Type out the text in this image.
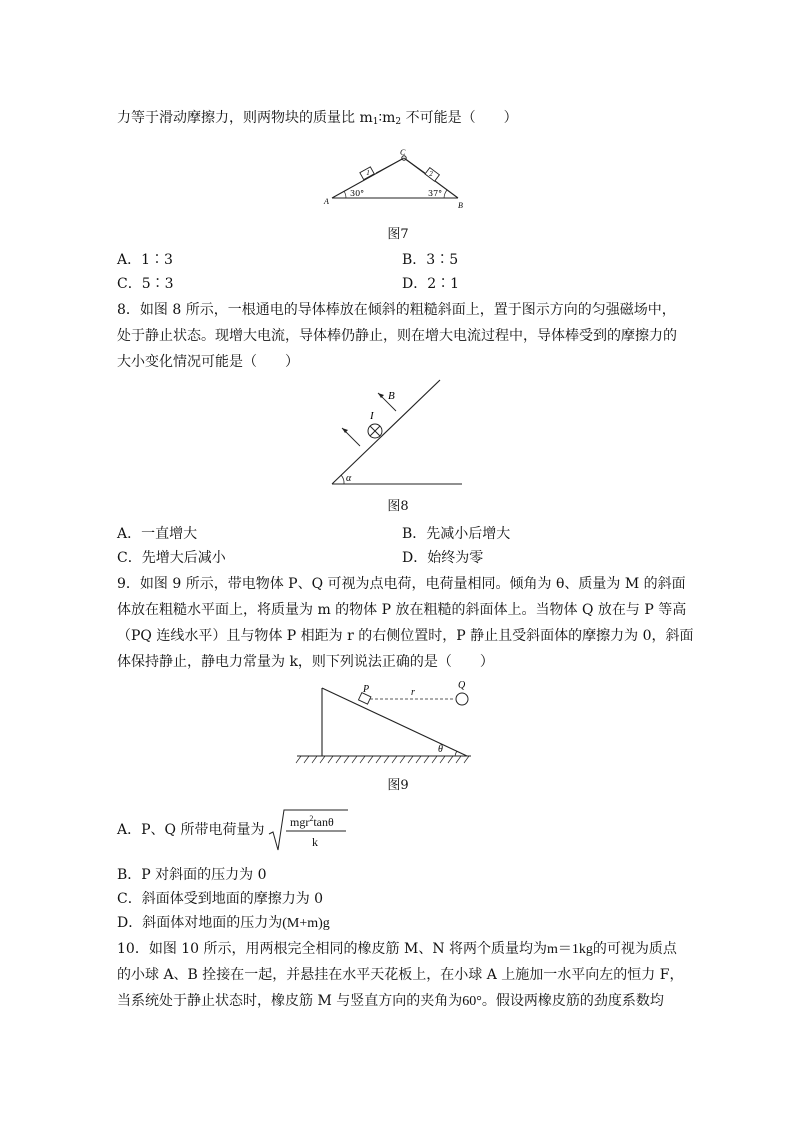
力等于滑动摩擦力，则两物块的质量比 $m_1∶m_2$ 不可能是（　　）
1	2
C
A	B
30°	37°
图7
A．1∶3	B．3∶5
C．5∶3	D．2∶1
8．如图 8 所示，一根通电的导体棒放在倾斜的粗糙斜面上，置于图示方向的匀强磁场中，
处于静止状态。现增大电流，导体棒仍静止，则在增大电流过程中，导体棒受到的摩擦力的
大小变化情况可能是（　　）
α
I
B
图8
A．一直增大	B．先减小后增大
C．先增大后减小	D．始终为零
9．如图 9 所示，带电物体 P、Q 可视为点电荷，电荷量相同。倾角为 θ、质量为 M 的斜面
体放在粗糙水平面上，将质量为 m 的物体 P 放在粗糙的斜面体上。当物体 Q 放在与 P 等高
（PQ 连线水平）且与物体 P 相距为 r 的右侧位置时，P 静止且受斜面体的摩擦力为 0，斜面
体保持静止，静电力常量为 k，则下列说法正确的是（　　）
θ
P	r
Q
图9
A．P、Q 所带电荷量为 mgr$^2$tanθ
k
B．P 对斜面的压力为 0
C．斜面体受到地面的摩擦力为 0
D．斜面体对地面的压力为(M+m)g
10．如图 10 所示，用两根完全相同的橡皮筋 M、N 将两个质量均为m＝1kg的可视为质点
的小球 A、B 拴接在一起，并悬挂在水平天花板上，在小球 A 上施加一水平向左的恒力 F，
当系统处于静止状态时，橡皮筋 M 与竖直方向的夹角为60°。假设两橡皮筋的劲度系数均
